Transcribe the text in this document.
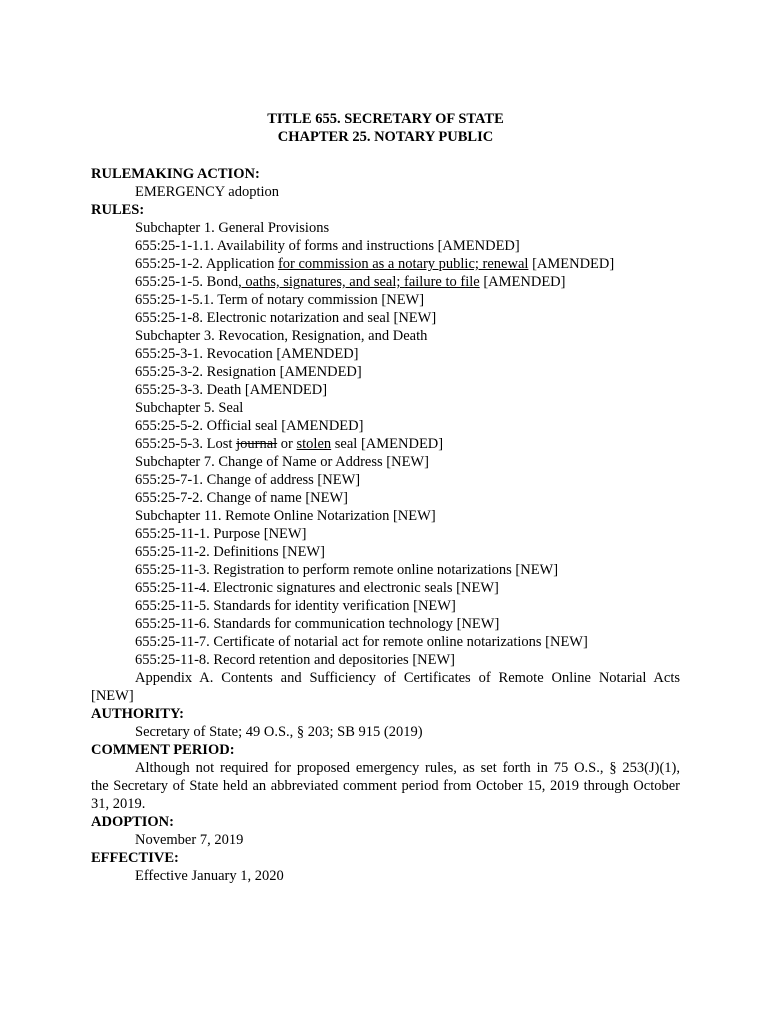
TITLE 655. SECRETARY OF STATE
CHAPTER 25. NOTARY PUBLIC
RULEMAKING ACTION:
EMERGENCY adoption
RULES:
Subchapter 1. General Provisions
655:25-1-1.1. Availability of forms and instructions [AMENDED]
655:25-1-2. Application for commission as a notary public; renewal [AMENDED]
655:25-1-5. Bond, oaths, signatures, and seal; failure to file [AMENDED]
655:25-1-5.1. Term of notary commission [NEW]
655:25-1-8. Electronic notarization and seal [NEW]
Subchapter 3. Revocation, Resignation, and Death
655:25-3-1. Revocation [AMENDED]
655:25-3-2. Resignation [AMENDED]
655:25-3-3. Death [AMENDED]
Subchapter 5. Seal
655:25-5-2. Official seal [AMENDED]
655:25-5-3. Lost journal or stolen seal [AMENDED]
Subchapter 7. Change of Name or Address [NEW]
655:25-7-1. Change of address [NEW]
655:25-7-2. Change of name [NEW]
Subchapter 11. Remote Online Notarization [NEW]
655:25-11-1. Purpose [NEW]
655:25-11-2. Definitions [NEW]
655:25-11-3. Registration to perform remote online notarizations [NEW]
655:25-11-4. Electronic signatures and electronic seals [NEW]
655:25-11-5. Standards for identity verification [NEW]
655:25-11-6. Standards for communication technology [NEW]
655:25-11-7. Certificate of notarial act for remote online notarizations [NEW]
655:25-11-8. Record retention and depositories [NEW]
Appendix A. Contents and Sufficiency of Certificates of Remote Online Notarial Acts
[NEW]
AUTHORITY:
Secretary of State; 49 O.S., § 203; SB 915 (2019)
COMMENT PERIOD:
Although not required for proposed emergency rules, as set forth in 75 O.S., § 253(J)(1),
the Secretary of State held an abbreviated comment period from October 15, 2019 through October
31, 2019.
ADOPTION:
November 7, 2019
EFFECTIVE:
Effective January 1, 2020
